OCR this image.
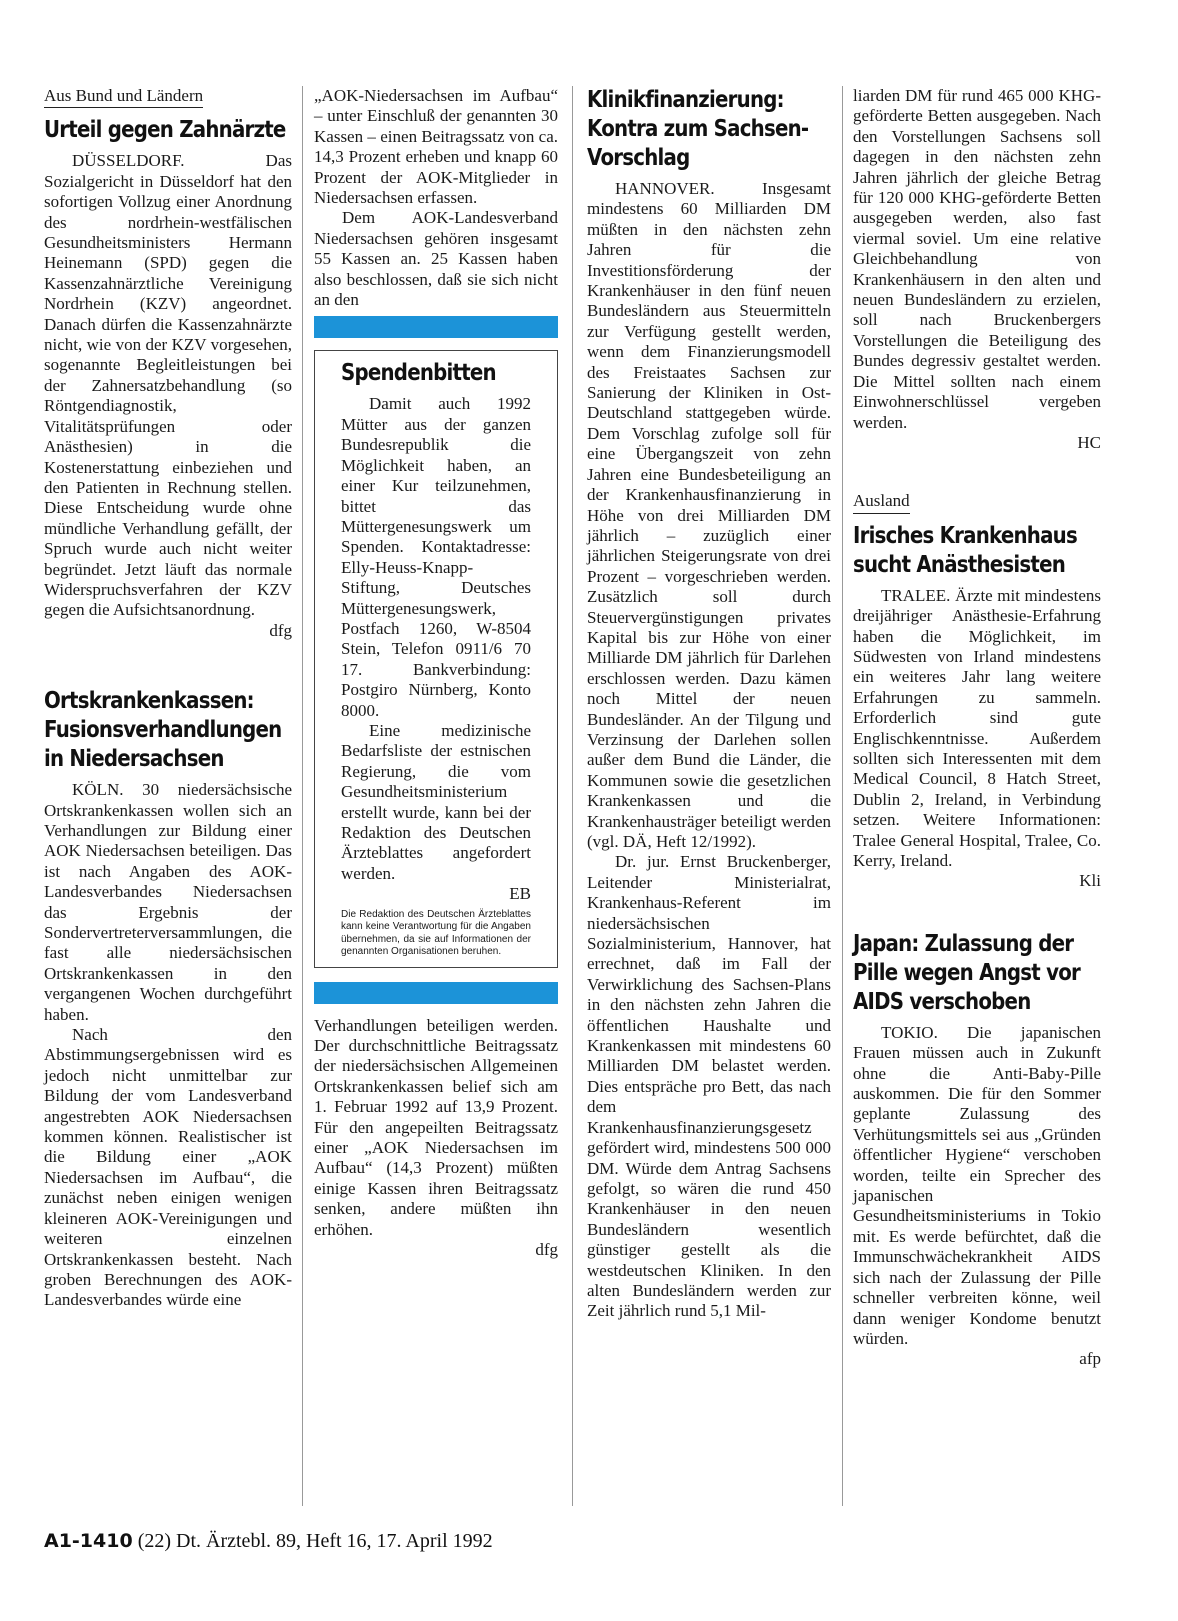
Aus Bund und Ländern
Urteil gegen Zahnärzte

DÜSSELDORF. Das Sozialgericht in Düsseldorf hat den sofortigen Vollzug einer Anordnung des nordrhein-westfälischen Gesundheitsministers Hermann Heinemann (SPD) gegen die Kassenzahnärztliche Vereinigung Nordrhein (KZV) angeordnet. Danach dürfen die Kassenzahnärzte nicht, wie von der KZV vorgesehen, sogenannte Begleitleistungen bei der Zahnersatzbehandlung (so Röntgendiagnostik, Vitalitätsprüfungen oder Anästhesien) in die Kostenerstattung einbeziehen und den Patienten in Rechnung stellen. Diese Entscheidung wurde ohne mündliche Verhandlung gefällt, der Spruch wurde auch nicht weiter begründet. Jetzt läuft das normale Widerspruchsverfahren der KZV gegen die Aufsichtsanordnung.

dfg
Ortskrankenkassen: Fusionsverhandlungen in Niedersachsen

KÖLN. 30 niedersächsische Ortskrankenkassen wollen sich an Verhandlungen zur Bildung einer AOK Niedersachsen beteiligen. Das ist nach Angaben des AOK-Landesverbandes Niedersachsen das Ergebnis der Sondervertreterversammlungen, die fast alle niedersächsischen Ortskrankenkassen in den vergangenen Wochen durchgeführt haben.

Nach den Abstimmungsergebnissen wird es jedoch nicht unmittelbar zur Bildung der vom Landesverband angestrebten AOK Niedersachsen kommen können. Realistischer ist die Bildung einer „AOK Niedersachsen im Aufbau“, die zunächst neben einigen wenigen kleineren AOK-Vereinigungen und weiteren einzelnen Ortskrankenkassen besteht. Nach groben Berechnungen des AOK-Landesverbandes würde eine

„AOK-Niedersachsen im Aufbau“ – unter Einschluß der genannten 30 Kassen – einen Beitragssatz von ca. 14,3 Prozent erheben und knapp 60 Prozent der AOK-Mitglieder in Niedersachsen erfassen.

Dem AOK-Landesverband Niedersachsen gehören insgesamt 55 Kassen an. 25 Kassen haben also beschlossen, daß sie sich nicht an den

Spendenbitten

Damit auch 1992 Mütter aus der ganzen Bundesrepublik die Möglichkeit haben, an einer Kur teilzunehmen, bittet das Müttergenesungswerk um Spenden. Kontaktadresse: Elly-Heuss-Knapp-Stiftung, Deutsches Müttergenesungswerk, Postfach 1260, W-8504 Stein, Telefon 0911/6 70 17. Bankverbindung: Postgiro Nürnberg, Konto 8000.

Eine medizinische Bedarfsliste der estnischen Regierung, die vom Gesundheitsministerium erstellt wurde, kann bei der Redaktion des Deutschen Ärzteblattes angefordert werden.

EB
Die Redaktion des Deutschen Ärzteblattes kann keine Verantwortung für die Angaben übernehmen, da sie auf Informationen der genannten Organisationen beruhen.

Verhandlungen beteiligen werden. Der durchschnittliche Beitragssatz der niedersächsischen Allgemeinen Ortskrankenkassen belief sich am 1. Februar 1992 auf 13,9 Prozent. Für den angepeilten Beitragssatz einer „AOK Niedersachsen im Aufbau“ (14,3 Prozent) müßten einige Kassen ihren Beitragssatz senken, andere müßten ihn erhöhen.

dfg
Klinikfinanzierung: Kontra zum Sachsen-Vorschlag

HANNOVER. Insgesamt mindestens 60 Milliarden DM müßten in den nächsten zehn Jahren für die Investitionsförderung der Krankenhäuser in den fünf neuen Bundesländern aus Steuermitteln zur Verfügung gestellt werden, wenn dem Finanzierungsmodell des Freistaates Sachsen zur Sanierung der Kliniken in Ost-Deutschland stattgegeben würde. Dem Vorschlag zufolge soll für eine Übergangszeit von zehn Jahren eine Bundesbeteiligung an der Krankenhausfinanzierung in Höhe von drei Milliarden DM jährlich – zuzüglich einer jährlichen Steigerungsrate von drei Prozent – vorgeschrieben werden. Zusätzlich soll durch Steuervergünstigungen privates Kapital bis zur Höhe von einer Milliarde DM jährlich für Darlehen erschlossen werden. Dazu kämen noch Mittel der neuen Bundesländer. An der Tilgung und Verzinsung der Darlehen sollen außer dem Bund die Länder, die Kommunen sowie die gesetzlichen Krankenkassen und die Krankenhausträger beteiligt werden (vgl. DÄ, Heft 12/1992).

Dr. jur. Ernst Bruckenberger, Leitender Ministerialrat, Krankenhaus-Referent im niedersächsischen Sozialministerium, Hannover, hat errechnet, daß im Fall der Verwirklichung des Sachsen-Plans in den nächsten zehn Jahren die öffentlichen Haushalte und Krankenkassen mit mindestens 60 Milliarden DM belastet werden. Dies entspräche pro Bett, das nach dem Krankenhausfinanzierungsgesetz gefördert wird, mindestens 500 000 DM. Würde dem Antrag Sachsens gefolgt, so wären die rund 450 Krankenhäuser in den neuen Bundesländern wesentlich günstiger gestellt als die westdeutschen Kliniken. In den alten Bundesländern werden zur Zeit jährlich rund 5,1 Mil-

liarden DM für rund 465 000 KHG-geförderte Betten ausgegeben. Nach den Vorstellungen Sachsens soll dagegen in den nächsten zehn Jahren jährlich der gleiche Betrag für 120 000 KHG-geförderte Betten ausgegeben werden, also fast viermal soviel. Um eine relative Gleichbehandlung von Krankenhäusern in den alten und neuen Bundesländern zu erzielen, soll nach Bruckenbergers Vorstellungen die Beteiligung des Bundes degressiv gestaltet werden. Die Mittel sollten nach einem Einwohnerschlüssel vergeben werden.

HC
Ausland
Irisches Krankenhaus sucht Anästhesisten

TRALEE. Ärzte mit mindestens dreijähriger Anästhesie-Erfahrung haben die Möglichkeit, im Südwesten von Irland mindestens ein weiteres Jahr lang weitere Erfahrungen zu sammeln. Erforderlich sind gute Englischkenntnisse. Außerdem sollten sich Interessenten mit dem Medical Council, 8 Hatch Street, Dublin 2, Ireland, in Verbindung setzen. Weitere Informationen: Tralee General Hospital, Tralee, Co. Kerry, Ireland.

Kli
Japan: Zulassung der Pille wegen Angst vor AIDS verschoben

TOKIO. Die japanischen Frauen müssen auch in Zukunft ohne die Anti-Baby-Pille auskommen. Die für den Sommer geplante Zulassung des Verhütungsmittels sei aus „Gründen öffentlicher Hygiene“ verschoben worden, teilte ein Sprecher des japanischen Gesundheitsministeriums in Tokio mit. Es werde befürchtet, daß die Immunschwächekrankheit AIDS sich nach der Zulassung der Pille schneller verbreiten könne, weil dann weniger Kondome benutzt würden.

afp
A1-1410 (22) Dt. Ärztebl. 89, Heft 16, 17. April 1992
